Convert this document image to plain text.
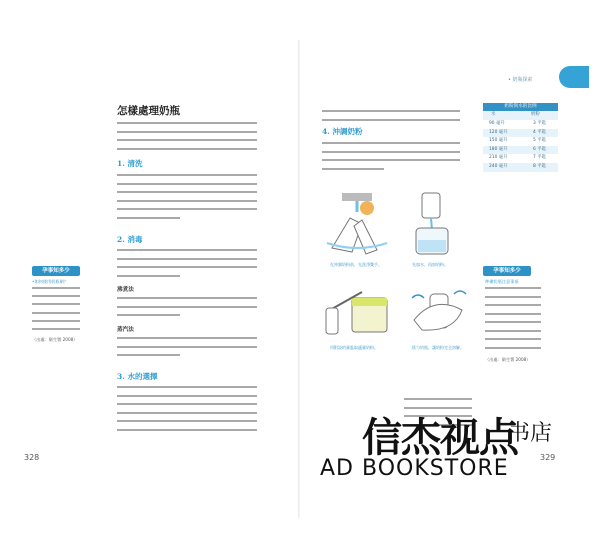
• 奶瓶探索
怎樣處理奶瓶
1. 清洗
2. 消毒
沸煮法
蒸汽法
3. 水的選擇
328
孕事知多少
•如何使用奶瓶刷？
（出處：衛生署 2008）
4. 沖調奶粉
在沖調奶粉前，先洗淨雙手。	先加水，再加奶粉。
用附設的量匙取適量奶粉。	搖勻奶瓶，讓奶粉完全溶解。
329
奶粉與水的比例
水	奶粉
90 毫升	3 平匙
120 毫升	4 平匙
150 毫升	5 平匙
180 毫升	6 平匙
210 毫升	7 平匙
240 毫升	8 平匙
孕事知多少
準備奶瓶注意事項
（出處：衛生署 2008）
信杰视点
书店
AD BOOKSTORE
